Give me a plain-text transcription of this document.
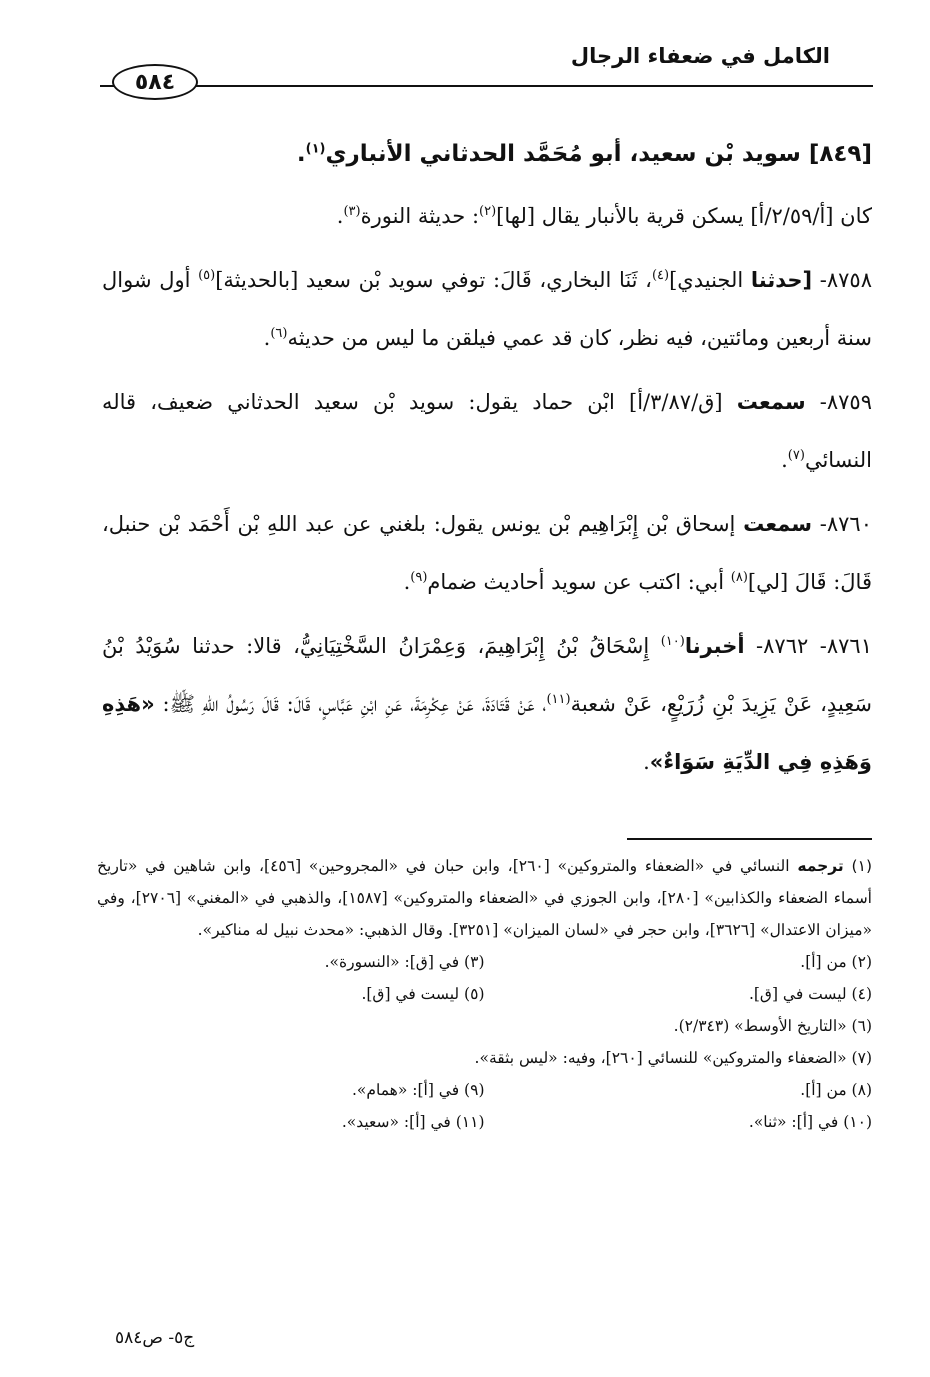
الكامل في ضعفاء الرجال
٥٨٤

[٨٤٩] سويد بْن سعيد، أبو مُحَمَّد الحدثاني الأنباري$^{(١)}$.

كان [أ/٢/٥٩/أ] يسكن قرية بالأنبار يقال [لها]$^{(٢)}$: حديثة النورة$^{(٣)}$.

٨٧٥٨- [حدثنا الجنيدي]$^{(٤)}$، ثَنَا البخاري، قَالَ: توفي سويد بْن سعيد [بالحديثة]$^{(٥)}$ أول شوال سنة أربعين ومائتين، فيه نظر، كان قد عمي فيلقن ما ليس من حديثه$^{(٦)}$.

٨٧٥٩- سمعت [ق/٣/٨٧/أ] ابْن حماد يقول: سويد بْن سعيد الحدثاني ضعيف، قاله النسائي$^{(٧)}$.

٨٧٦٠- سمعت إسحاق بْن إِبْرَاهِيم بْن يونس يقول: بلغني عن عبد اللهِ بْن أَحْمَد بْن حنبل، قَالَ: قَالَ [لي]$^{(٨)}$ أبي: اكتب عن سويد أحاديث ضمام$^{(٩)}$.

٨٧٦١- ٨٧٦٢- أخبرنا$^{(١٠)}$ إِسْحَاقُ بْنُ إِبْرَاهِيمَ، وَعِمْرَانُ السَّخْتِيَانِيُّ، قالا: حدثنا سُوَيْدُ بْنُ سَعِيدٍ، عَنْ يَزِيدَ بْنِ زُرَيْعٍ، عَنْ شعبة$^{(١١)}$، عَنْ قَتَادَةَ، عَنْ عِكْرِمَةَ، عَنِ ابْنِ عَبَّاسٍ، قَالَ: قَالَ رَسُولُ اللهِ ﷺ: «هَذِهِ وَهَذِهِ فِي الدِّيَةِ سَوَاءٌ».

(١) ترجمه النسائي في «الضعفاء والمتروكين» [٢٦٠]، وابن حبان في «المجروحين» [٤٥٦]، وابن شاهين في «تاريخ أسماء الضعفاء والكذابين» [٢٨٠]، وابن الجوزي في «الضعفاء والمتروكين» [١٥٨٧]، والذهبي في «المغني» [٢٧٠٦]، وفي «ميزان الاعتدال» [٣٦٢٦]، وابن حجر في «لسان الميزان» [٣٢٥١]. وقال الذهبي: «محدث نبيل له مناكير».

(٢) من [أ].
(٣) في [ق]: «النسورة».
(٤) ليست في [ق].
(٥) ليست في [ق].

(٦) «التاريخ الأوسط» (٢/٣٤٣).

(٧) «الضعفاء والمتروكين» للنسائي [٢٦٠]، وفيه: «ليس بثقة».

(٨) من [أ].
(٩) في [أ]: «همام».
(١٠) في [أ]: «ثنا».
(١١) في [أ]: «سعيد».
ج٥- ص٥٨٤
